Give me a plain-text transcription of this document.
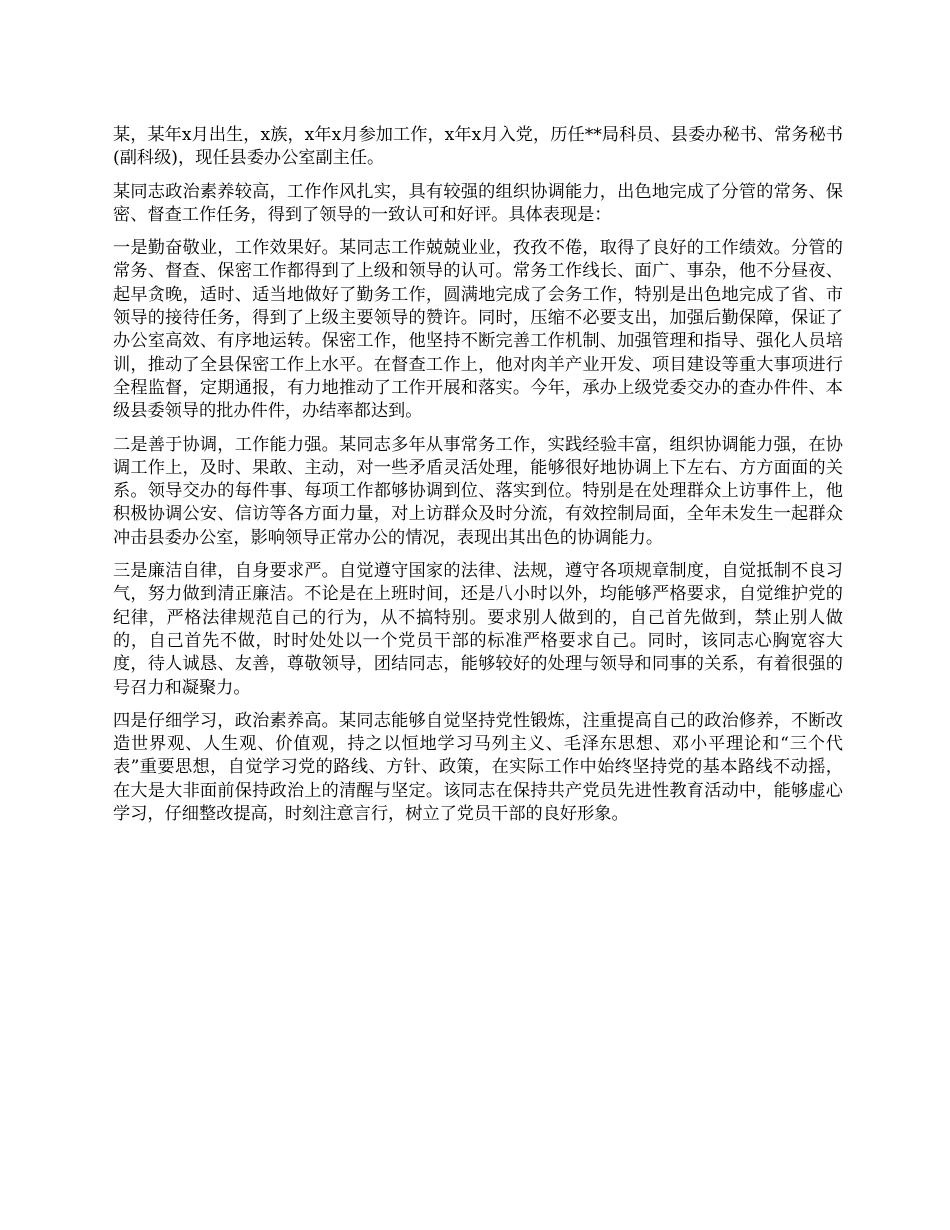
某，某年x月出生，x族，x年x月参加工作，x年x月入党，历任**局科员、县委办秘书、常务秘书(副科级)，现任县委办公室副主任。

某同志政治素养较高，工作作风扎实，具有较强的组织协调能力，出色地完成了分管的常务、保密、督查工作任务，得到了领导的一致认可和好评。具体表现是：

一是勤奋敬业，工作效果好。某同志工作兢兢业业，孜孜不倦，取得了良好的工作绩效。分管的常务、督查、保密工作都得到了上级和领导的认可。常务工作线长、面广、事杂，他不分昼夜、起早贪晚，适时、适当地做好了勤务工作，圆满地完成了会务工作，特别是出色地完成了省、市领导的接待任务，得到了上级主要领导的赞许。同时，压缩不必要支出，加强后勤保障，保证了办公室高效、有序地运转。保密工作，他坚持不断完善工作机制、加强管理和指导、强化人员培训，推动了全县保密工作上水平。在督查工作上，他对肉羊产业开发、项目建设等重大事项进行全程监督，定期通报，有力地推动了工作开展和落实。今年，承办上级党委交办的查办件件、本级县委领导的批办件件，办结率都达到。

二是善于协调，工作能力强。某同志多年从事常务工作，实践经验丰富，组织协调能力强，在协调工作上，及时、果敢、主动，对一些矛盾灵活处理，能够很好地协调上下左右、方方面面的关系。领导交办的每件事、每项工作都够协调到位、落实到位。特别是在处理群众上访事件上，他积极协调公安、信访等各方面力量，对上访群众及时分流，有效控制局面，全年未发生一起群众冲击县委办公室，影响领导正常办公的情况，表现出其出色的协调能力。

三是廉洁自律，自身要求严。自觉遵守国家的法律、法规，遵守各项规章制度，自觉抵制不良习气，努力做到清正廉洁。不论是在上班时间，还是八小时以外，均能够严格要求，自觉维护党的纪律，严格法律规范自己的行为，从不搞特别。要求别人做到的，自己首先做到，禁止别人做的，自己首先不做，时时处处以一个党员干部的标准严格要求自己。同时，该同志心胸宽容大度，待人诚恳、友善，尊敬领导，团结同志，能够较好的处理与领导和同事的关系，有着很强的号召力和凝聚力。

四是仔细学习，政治素养高。某同志能够自觉坚持党性锻炼，注重提高自己的政治修养，不断改造世界观、人生观、价值观，持之以恒地学习马列主义、毛泽东思想、邓小平理论和“三个代表”重要思想，自觉学习党的路线、方针、政策，在实际工作中始终坚持党的基本路线不动摇，在大是大非面前保持政治上的清醒与坚定。该同志在保持共产党员先进性教育活动中，能够虚心学习，仔细整改提高，时刻注意言行，树立了党员干部的良好形象。
